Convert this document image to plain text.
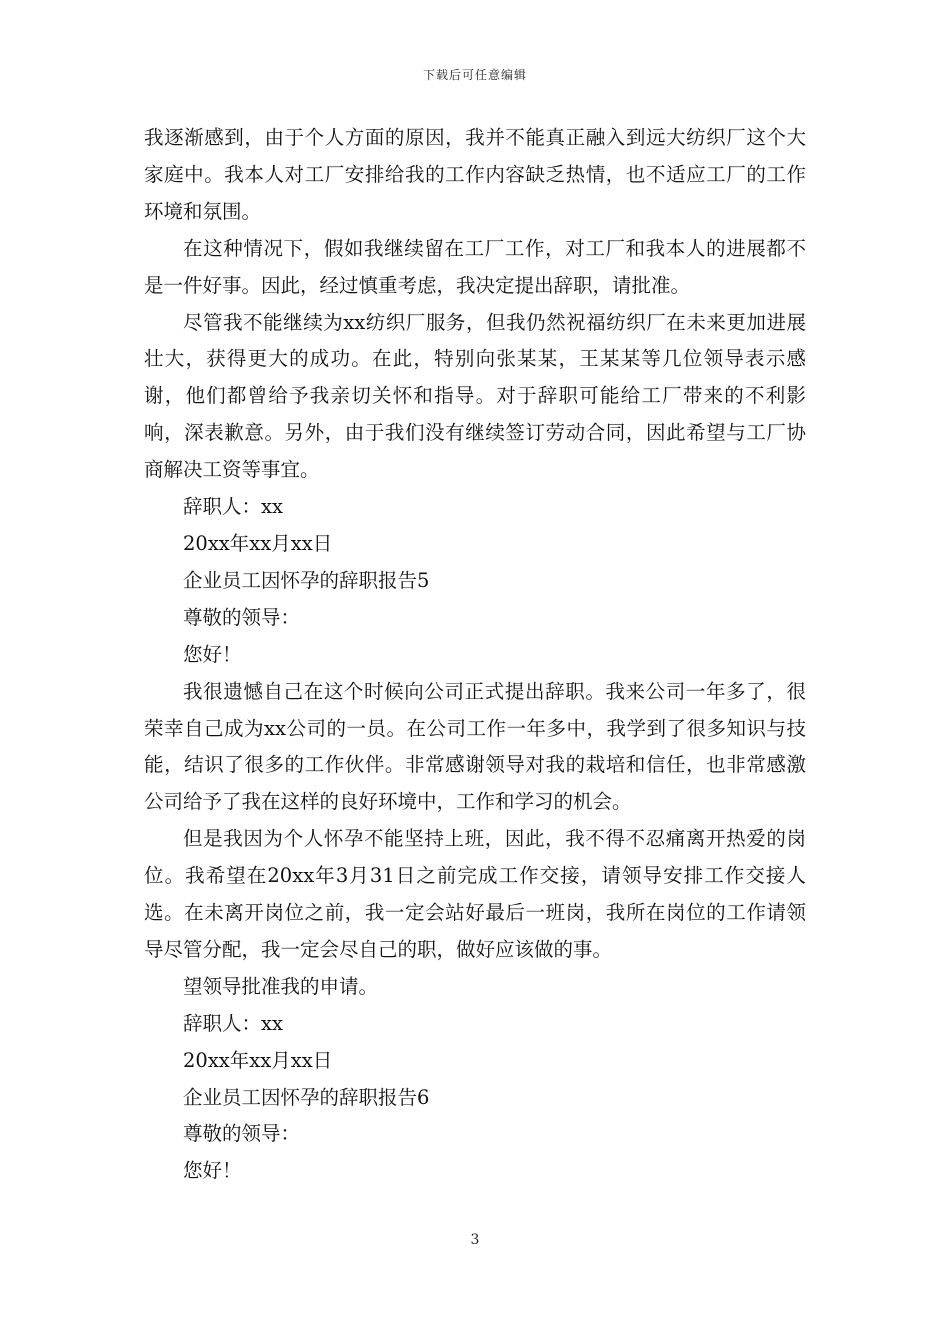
下载后可任意编辑

我逐渐感到，由于个人方面的原因，我并不能真正融入到远大纺织厂这个大家庭中。我本人对工厂安排给我的工作内容缺乏热情，也不适应工厂的工作环境和氛围。

在这种情况下，假如我继续留在工厂工作，对工厂和我本人的进展都不是一件好事。因此，经过慎重考虑，我决定提出辞职，请批准。

尽管我不能继续为xx纺织厂服务，但我仍然祝福纺织厂在未来更加进展壮大，获得更大的成功。在此，特别向张某某，王某某等几位领导表示感谢，他们都曾给予我亲切关怀和指导。对于辞职可能给工厂带来的不利影响，深表歉意。另外，由于我们没有继续签订劳动合同，因此希望与工厂协商解决工资等事宜。

辞职人：xx

20xx年xx月xx日

企业员工因怀孕的辞职报告5

尊敬的领导：

您好！

我很遗憾自己在这个时候向公司正式提出辞职。我来公司一年多了，很荣幸自己成为xx公司的一员。在公司工作一年多中，我学到了很多知识与技能，结识了很多的工作伙伴。非常感谢领导对我的栽培和信任，也非常感激公司给予了我在这样的良好环境中，工作和学习的机会。

但是我因为个人怀孕不能坚持上班，因此，我不得不忍痛离开热爱的岗位。我希望在20xx年3月31日之前完成工作交接，请领导安排工作交接人选。在未离开岗位之前，我一定会站好最后一班岗，我所在岗位的工作请领导尽管分配，我一定会尽自己的职，做好应该做的事。

望领导批准我的申请。

辞职人：xx

20xx年xx月xx日

企业员工因怀孕的辞职报告6

尊敬的领导：

您好！

3
